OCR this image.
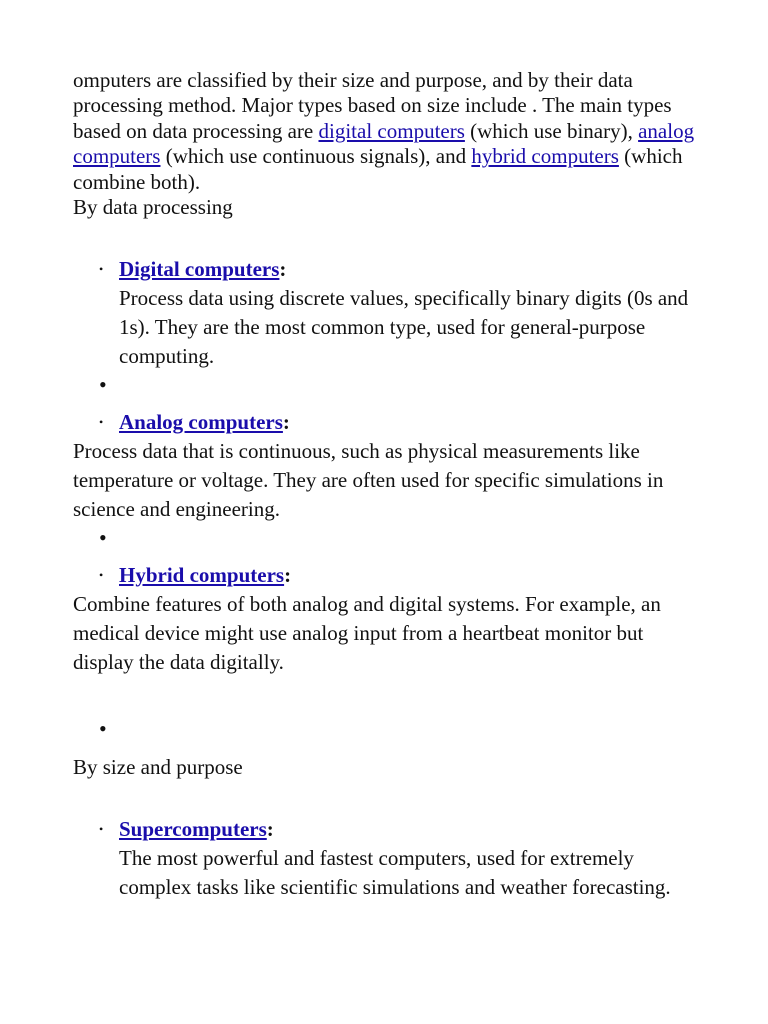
omputers are classified by their size and purpose, and by their data processing method. Major types based on size include . The main types based on data processing are digital computers (which use binary), analog computers (which use continuous signals), and hybrid computers (which combine both).
By data processing
• Digital computers:
Process data using discrete values, specifically binary digits (0s and 1s). They are the most common type, used for general-purpose computing.
•
• Analog computers:
Process data that is continuous, such as physical measurements like temperature or voltage. They are often used for specific simulations in science and engineering.
•
• Hybrid computers:
Combine features of both analog and digital systems. For example, an medical device might use analog input from a heartbeat monitor but display the data digitally.
•
By size and purpose
• Supercomputers:
The most powerful and fastest computers, used for extremely complex tasks like scientific simulations and weather forecasting.
